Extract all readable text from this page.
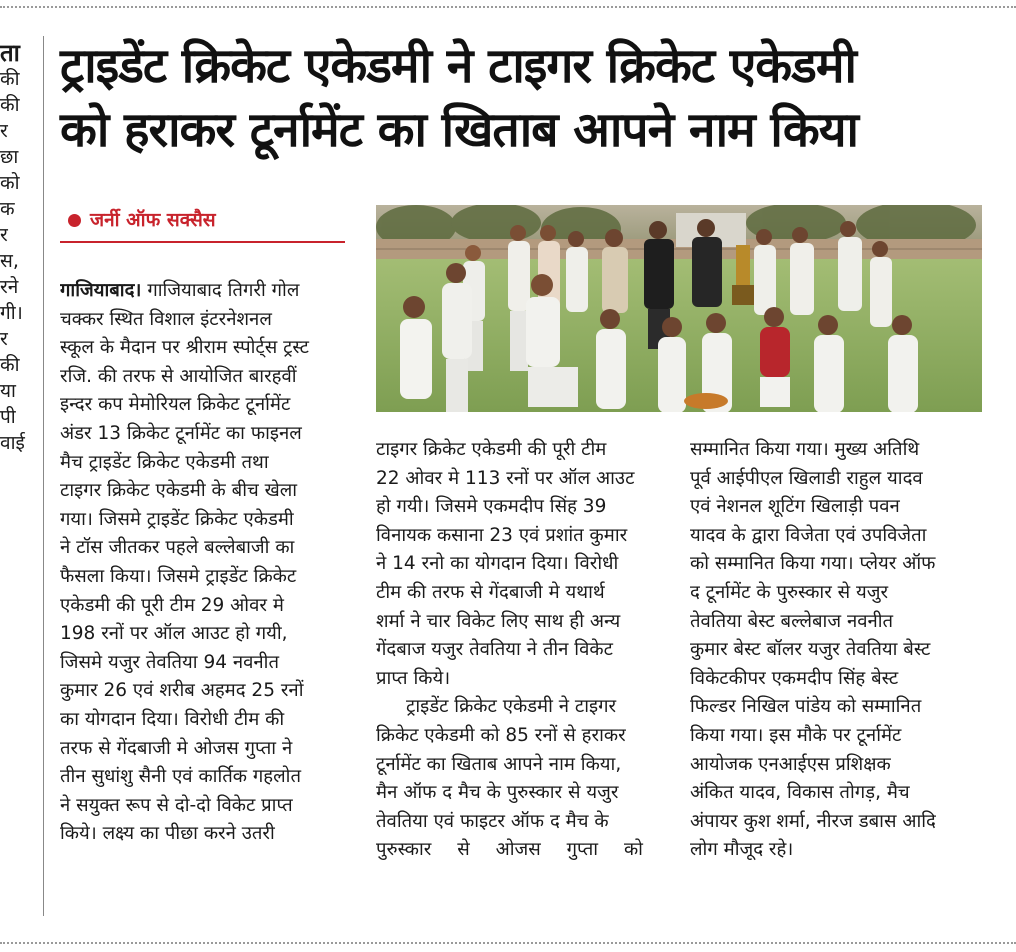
ता
की
की
र
छा
को
क
र
स,
रने
गी।
र
की
या
पी
वाई
ट्राइडेंट क्रिकेट एकेडमी ने टाइगर क्रिकेट एकेडमी
को हराकर टूर्नामेंट का खिताब आपने नाम किया
जर्नी ऑफ सक्सैस
गाजियाबाद। गाजियाबाद तिगरी गोल
चक्कर स्थित विशाल इंटरनेशनल
स्कूल के मैदान पर श्रीराम स्पोर्ट्स ट्रस्ट
रजि. की तरफ से आयोजित बारहवीं
इन्दर कप मेमोरियल क्रिकेट टूर्नामेंट
अंडर 13 क्रिकेट टूर्नामेंट का फाइनल
मैच ट्राइडेंट क्रिकेट एकेडमी तथा
टाइगर क्रिकेट एकेडमी के बीच खेला
गया। जिसमे ट्राइडेंट क्रिकेट एकेडमी
ने टॉस जीतकर पहले बल्लेबाजी का
फैसला किया। जिसमे ट्राइडेंट क्रिकेट
एकेडमी की पूरी टीम 29 ओवर मे
198 रनों पर ऑल आउट हो गयी,
जिसमे यजुर तेवतिया 94 नवनीत
कुमार 26 एवं शरीब अहमद 25 रनों
का योगदान दिया। विरोधी टीम की
तरफ से गेंदबाजी मे ओजस गुप्ता ने
तीन सुधांशु सैनी एवं कार्तिक गहलोत
ने सयुक्त रूप से दो-दो विकेट प्राप्त
किये। लक्ष्य का पीछा करने उतरी
टाइगर क्रिकेट एकेडमी की पूरी टीम
22 ओवर मे 113 रनों पर ऑल आउट
हो गयी। जिसमे एकमदीप सिंह 39
विनायक कसाना 23 एवं प्रशांत कुमार
ने 14 रनो का योगदान दिया। विरोधी
टीम की तरफ से गेंदबाजी मे यथार्थ
शर्मा ने चार विकेट लिए साथ ही अन्य
गेंदबाज यजुर तेवतिया ने तीन विकेट
प्राप्त किये।
ट्राइडेंट क्रिकेट एकेडमी ने टाइगर
क्रिकेट एकेडमी को 85 रनों से हराकर
टूर्नामेंट का खिताब आपने नाम किया,
मैन ऑफ द मैच के पुरुस्कार से यजुर
तेवतिया एवं फाइटर ऑफ द मैच के
पुरुस्कार से ओजस गुप्ता को
सम्मानित किया गया। मुख्य अतिथि
पूर्व आईपीएल खिलाडी राहुल यादव
एवं नेशनल शूटिंग खिलाड़ी पवन
यादव के द्वारा विजेता एवं उपविजेता
को सम्मानित किया गया। प्लेयर ऑफ
द टूर्नामेंट के पुरुस्कार से यजुर
तेवतिया बेस्ट बल्लेबाज नवनीत
कुमार बेस्ट बॉलर यजुर तेवतिया बेस्ट
विकेटकीपर एकमदीप सिंह बेस्ट
फिल्डर निखिल पांडेय को सम्मानित
किया गया। इस मौके पर टूर्नामेंट
आयोजक एनआईएस प्रशिक्षक
अंकित यादव, विकास तोगड़, मैच
अंपायर कुश शर्मा, नीरज डबास आदि
लोग मौजूद रहे।
